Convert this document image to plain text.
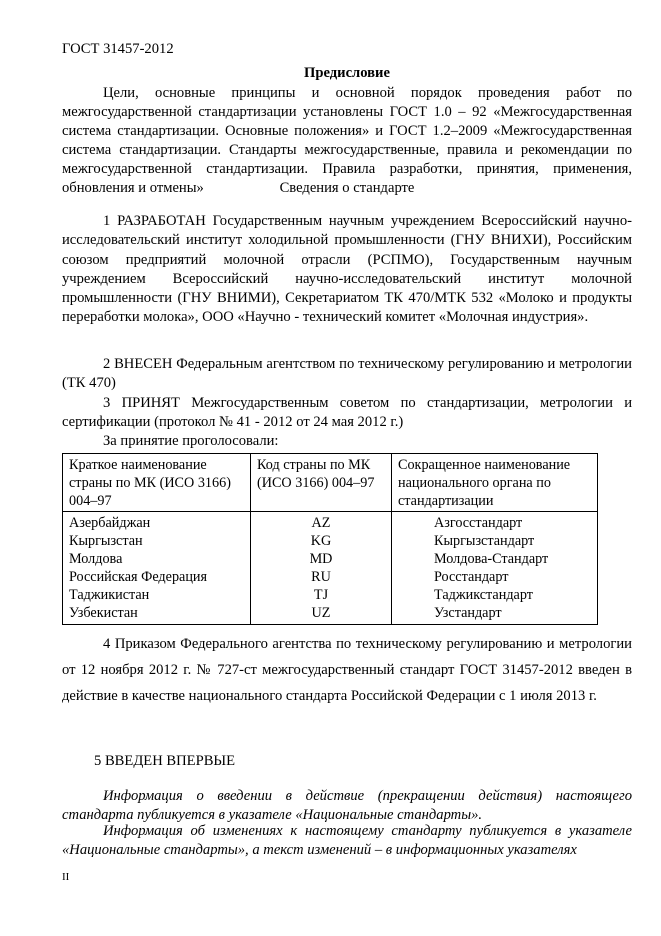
ГОСТ 31457-2012
Предисловие
Цели, основные принципы и основной порядок проведения работ по межгосударственной стандартизации установлены ГОСТ 1.0 – 92 «Межгосударственная система стандартизации. Основные положения» и ГОСТ 1.2–2009 «Межгосударственная система стандартизации. Стандарты межгосударственные, правила и рекомендации по межгосударственной стандартизации. Правила разработки, принятия, применения, обновления и отмены»	Сведения о стандарте
1 РАЗРАБОТАН Государственным научным учреждением Всероссийский научно-исследовательский институт холодильной промышленности (ГНУ ВНИХИ), Российским союзом предприятий молочной отрасли (РСПМО), Государственным научным учреждением Всероссийский научно-исследовательский институт молочной промышленности (ГНУ ВНИМИ), Секретариатом ТК 470/МТК 532 «Молоко и продукты переработки молока», ООО «Научно - технический комитет «Молочная индустрия».
2 ВНЕСЕН Федеральным агентством по техническому регулированию и метрологии (ТК 470)
3 ПРИНЯТ Межгосударственным советом по стандартизации, метрологии и сертификации (протокол № 41 - 2012 от 24 мая 2012 г.)
За принятие проголосовали:
Краткое наименование страны по МК (ИСО 3166) 004–97	Код страны по МК (ИСО 3166) 004–97	Сокращенное наименование национального органа по стандартизации
Азербайджан	AZ	Азгосстандарт
Кыргызстан	KG	Кыргызстандарт
Молдова	MD	Молдова-Стандарт
Российская Федерация	RU	Росстандарт
Таджикистан	TJ	Таджикстандарт
Узбекистан	UZ	Узстандарт
4 Приказом Федерального агентства по техническому регулированию и метрологии от 12 ноября 2012 г. № 727-ст межгосударственный стандарт ГОСТ 31457-2012 введен в действие в качестве национального стандарта Российской Федерации с 1 июля 2013 г.
5 ВВЕДЕН ВПЕРВЫЕ
Информация о введении в действие (прекращении действия) настоящего стандарта публикуется в указателе «Национальные стандарты».
Информация об изменениях к настоящему стандарту публикуется в указателе «Национальные стандарты», а текст изменений – в информационных указателях
II
